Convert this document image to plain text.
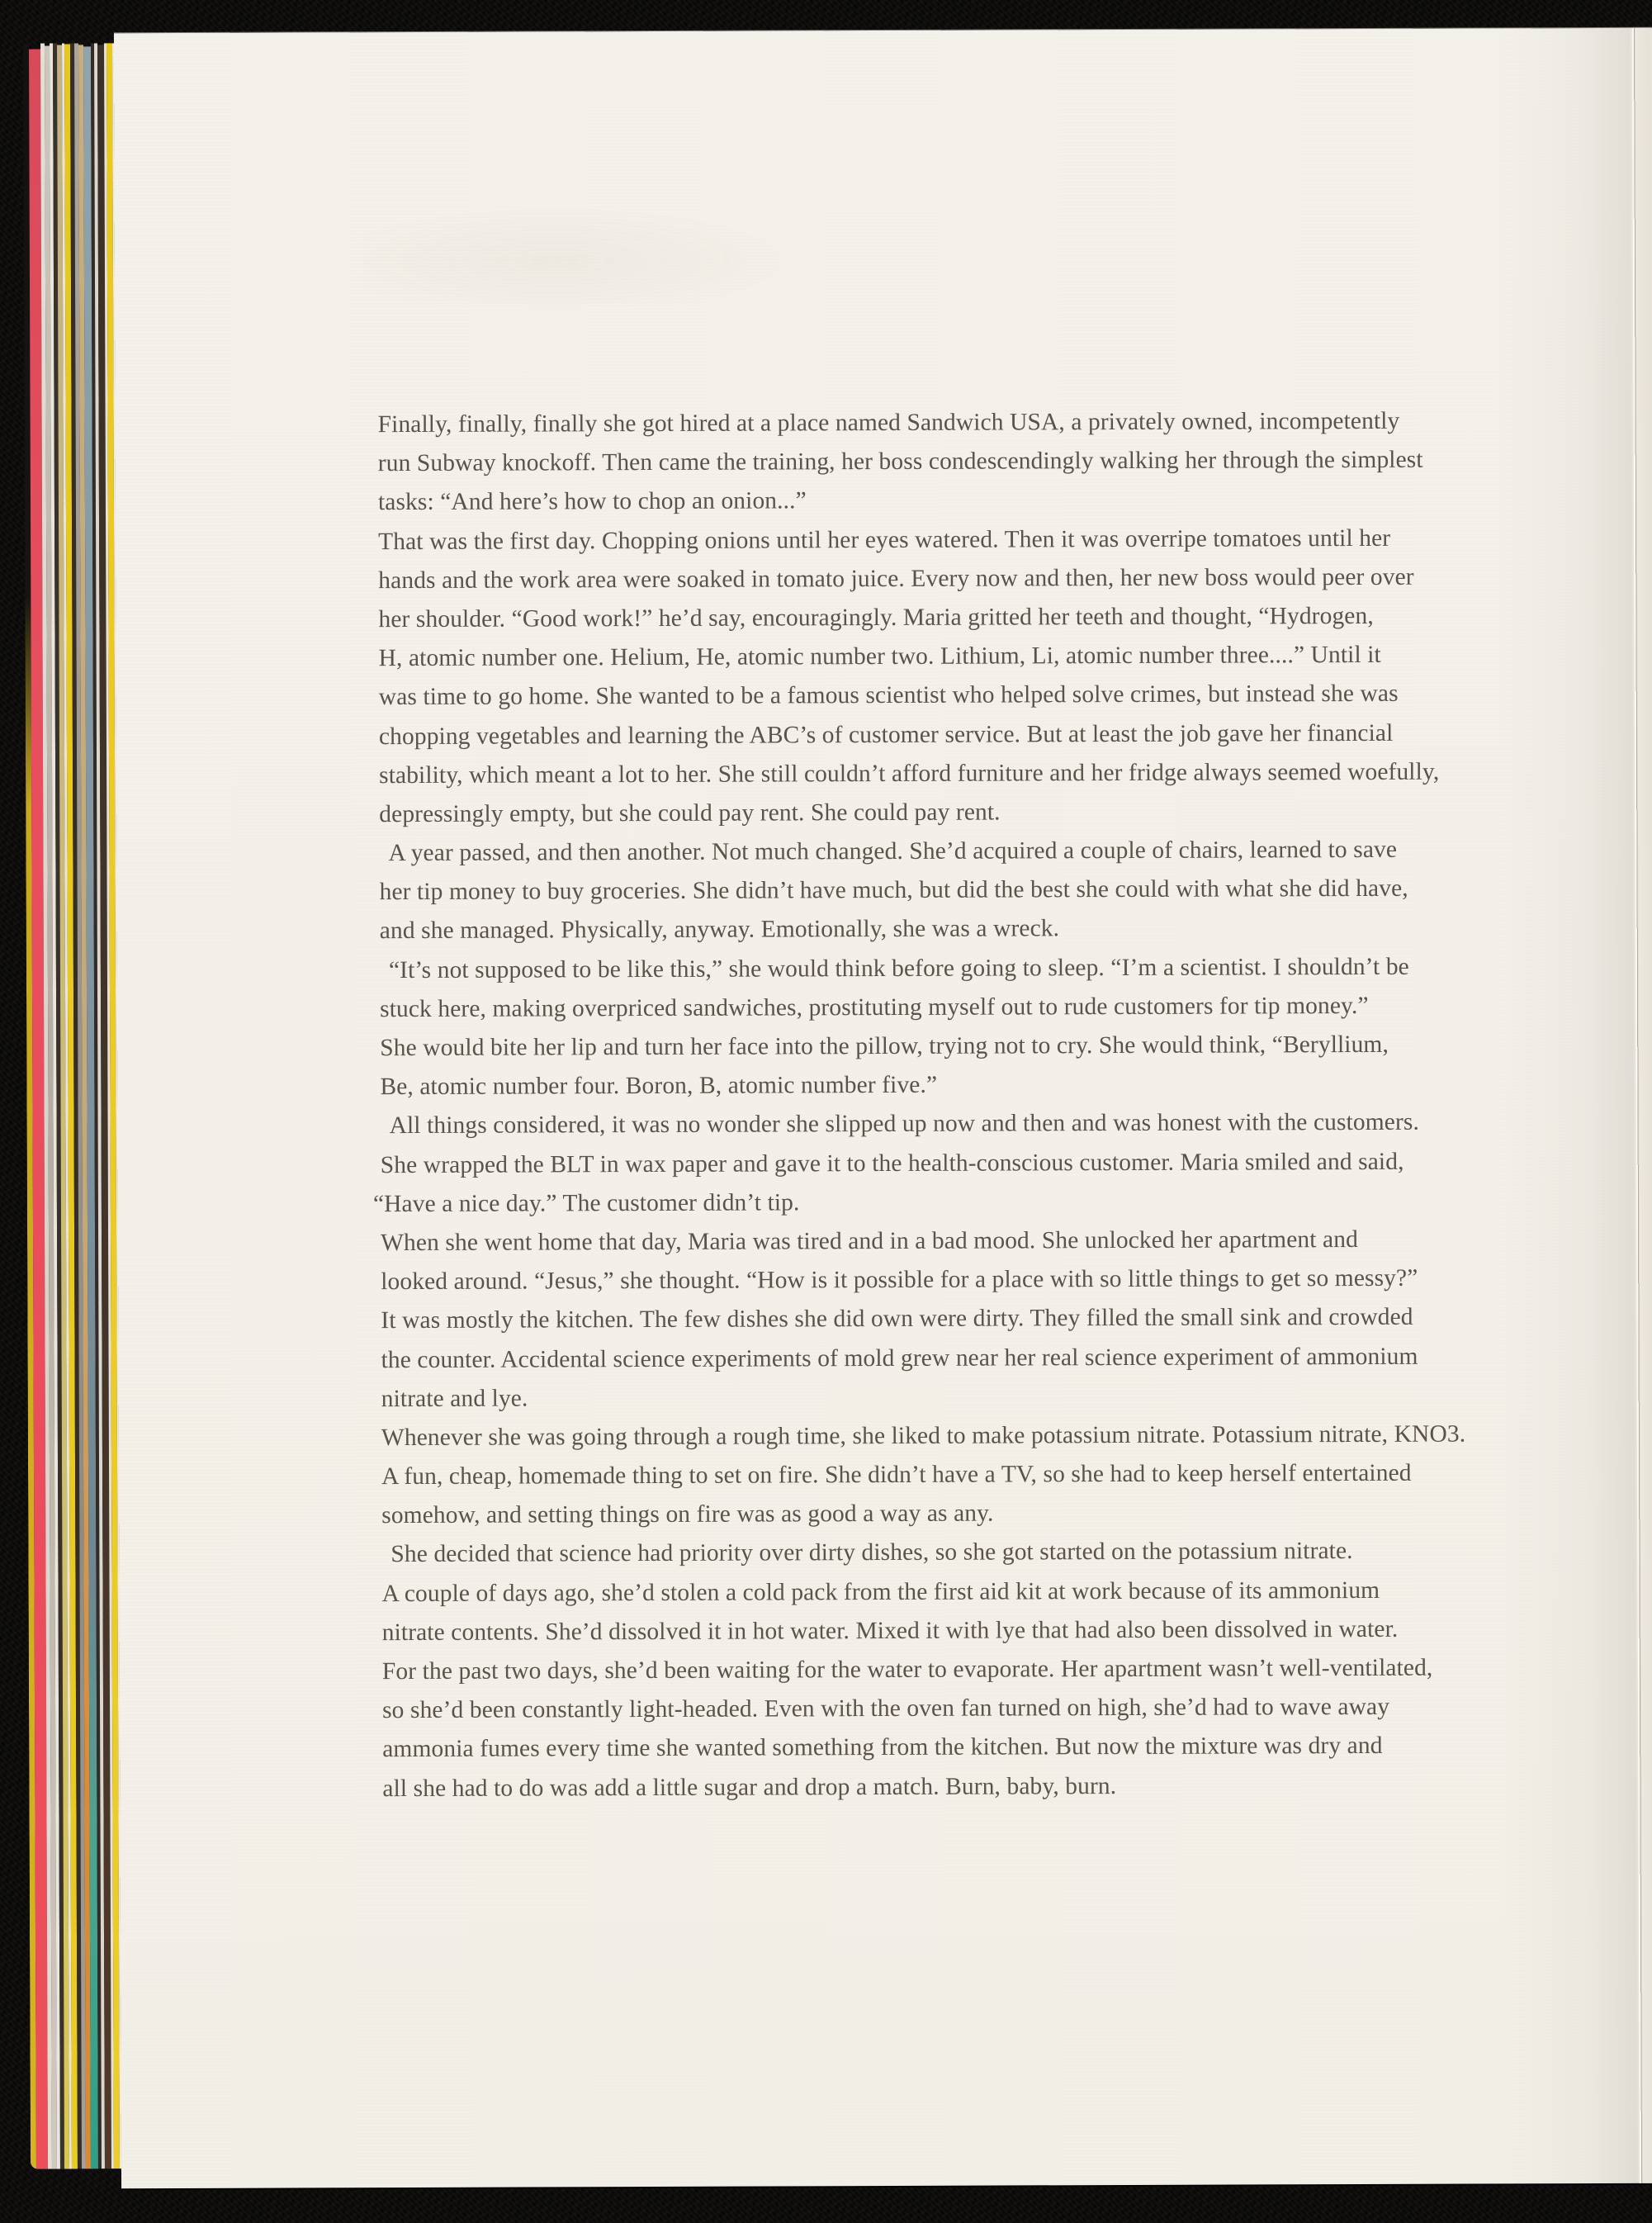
Finally, finally, finally she got hired at a place named Sandwich USA, a privately owned, incompetently
run Subway knockoff. Then came the training, her boss condescendingly walking her through the simplest
tasks: “And here’s how to chop an onion...”
That was the first day. Chopping onions until her eyes watered. Then it was overripe tomatoes until her
hands and the work area were soaked in tomato juice. Every now and then, her new boss would peer over
her shoulder. “Good work!” he’d say, encouragingly. Maria gritted her teeth and thought, “Hydrogen,
H, atomic number one. Helium, He, atomic number two. Lithium, Li, atomic number three....” Until it
was time to go home. She wanted to be a famous scientist who helped solve crimes, but instead she was
chopping vegetables and learning the ABC’s of customer service. But at least the job gave her financial
stability, which meant a lot to her. She still couldn’t afford furniture and her fridge always seemed woefully,
depressingly empty, but she could pay rent. She could pay rent.
A year passed, and then another. Not much changed. She’d acquired a couple of chairs, learned to save
her tip money to buy groceries. She didn’t have much, but did the best she could with what she did have,
and she managed. Physically, anyway. Emotionally, she was a wreck.
“It’s not supposed to be like this,” she would think before going to sleep. “I’m a scientist. I shouldn’t be
stuck here, making overpriced sandwiches, prostituting myself out to rude customers for tip money.”
She would bite her lip and turn her face into the pillow, trying not to cry. She would think, “Beryllium,
Be, atomic number four. Boron, B, atomic number five.”
All things considered, it was no wonder she slipped up now and then and was honest with the customers.
She wrapped the BLT in wax paper and gave it to the health-conscious customer. Maria smiled and said,
“Have a nice day.” The customer didn’t tip.
When she went home that day, Maria was tired and in a bad mood. She unlocked her apartment and
looked around. “Jesus,” she thought. “How is it possible for a place with so little things to get so messy?”
It was mostly the kitchen. The few dishes she did own were dirty. They filled the small sink and crowded
the counter. Accidental science experiments of mold grew near her real science experiment of ammonium
nitrate and lye.
Whenever she was going through a rough time, she liked to make potassium nitrate. Potassium nitrate, KNO3.
A fun, cheap, homemade thing to set on fire. She didn’t have a TV, so she had to keep herself entertained
somehow, and setting things on fire was as good a way as any.
She decided that science had priority over dirty dishes, so she got started on the potassium nitrate.
A couple of days ago, she’d stolen a cold pack from the first aid kit at work because of its ammonium
nitrate contents. She’d dissolved it in hot water. Mixed it with lye that had also been dissolved in water.
For the past two days, she’d been waiting for the water to evaporate. Her apartment wasn’t well-ventilated,
so she’d been constantly light-headed. Even with the oven fan turned on high, she’d had to wave away
ammonia fumes every time she wanted something from the kitchen. But now the mixture was dry and
all she had to do was add a little sugar and drop a match. Burn, baby, burn.
